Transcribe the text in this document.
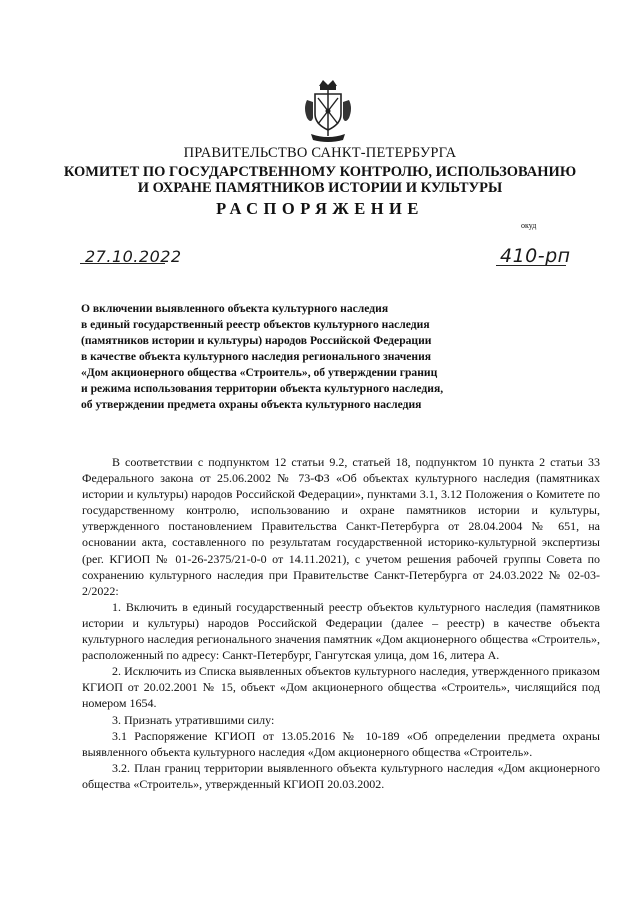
ПРАВИТЕЛЬСТВО САНКТ-ПЕТЕРБУРГА
КОМИТЕТ ПО ГОСУДАРСТВЕННОМУ КОНТРОЛЮ, ИСПОЛЬЗОВАНИЮ
И ОХРАНЕ ПАМЯТНИКОВ ИСТОРИИ И КУЛЬТУРЫ
РАСПОРЯЖЕНИЕ
окуд
27.10.2022	410-рп
О включении выявленного объекта культурного наследия
в единый государственный реестр объектов культурного наследия
(памятников истории и культуры) народов Российской Федерации
в качестве объекта культурного наследия регионального значения
«Дом акционерного общества «Строитель», об утверждении границ
и режима использования территории объекта культурного наследия,
об утверждении предмета охраны объекта культурного наследия

В соответствии с подпунктом 12 статьи 9.2, статьей 18, подпунктом 10 пункта 2 статьи 33 Федерального закона от 25.06.2002 № 73-ФЗ «Об объектах культурного наследия (памятниках истории и культуры) народов Российской Федерации», пунктами 3.1, 3.12 Положения о Комитете по государственному контролю, использованию и охране памятников истории и культуры, утвержденного постановлением Правительства Санкт-Петербурга от 28.04.2004 № 651, на основании акта, составленного по результатам государственной историко-культурной экспертизы (рег. КГИОП № 01-26-2375/21-0-0 от 14.11.2021), с учетом решения рабочей группы Совета по сохранению культурного наследия при Правительстве Санкт-Петербурга от 24.03.2022 № 02-03-2/2022:

1. Включить в единый государственный реестр объектов культурного наследия (памятников истории и культуры) народов Российской Федерации (далее – реестр) в качестве объекта культурного наследия регионального значения памятник «Дом акционерного общества «Строитель», расположенный по адресу: Санкт-Петербург, Гангутская улица, дом 16, литера А.

2. Исключить из Списка выявленных объектов культурного наследия, утвержденного приказом КГИОП от 20.02.2001 № 15, объект «Дом акционерного общества «Строитель», числящийся под номером 1654.

3. Признать утратившими силу:

3.1 Распоряжение КГИОП от 13.05.2016 № 10-189 «Об определении предмета охраны выявленного объекта культурного наследия «Дом акционерного общества «Строитель».

3.2. План границ территории выявленного объекта культурного наследия «Дом акционерного общества «Строитель», утвержденный КГИОП 20.03.2002.
